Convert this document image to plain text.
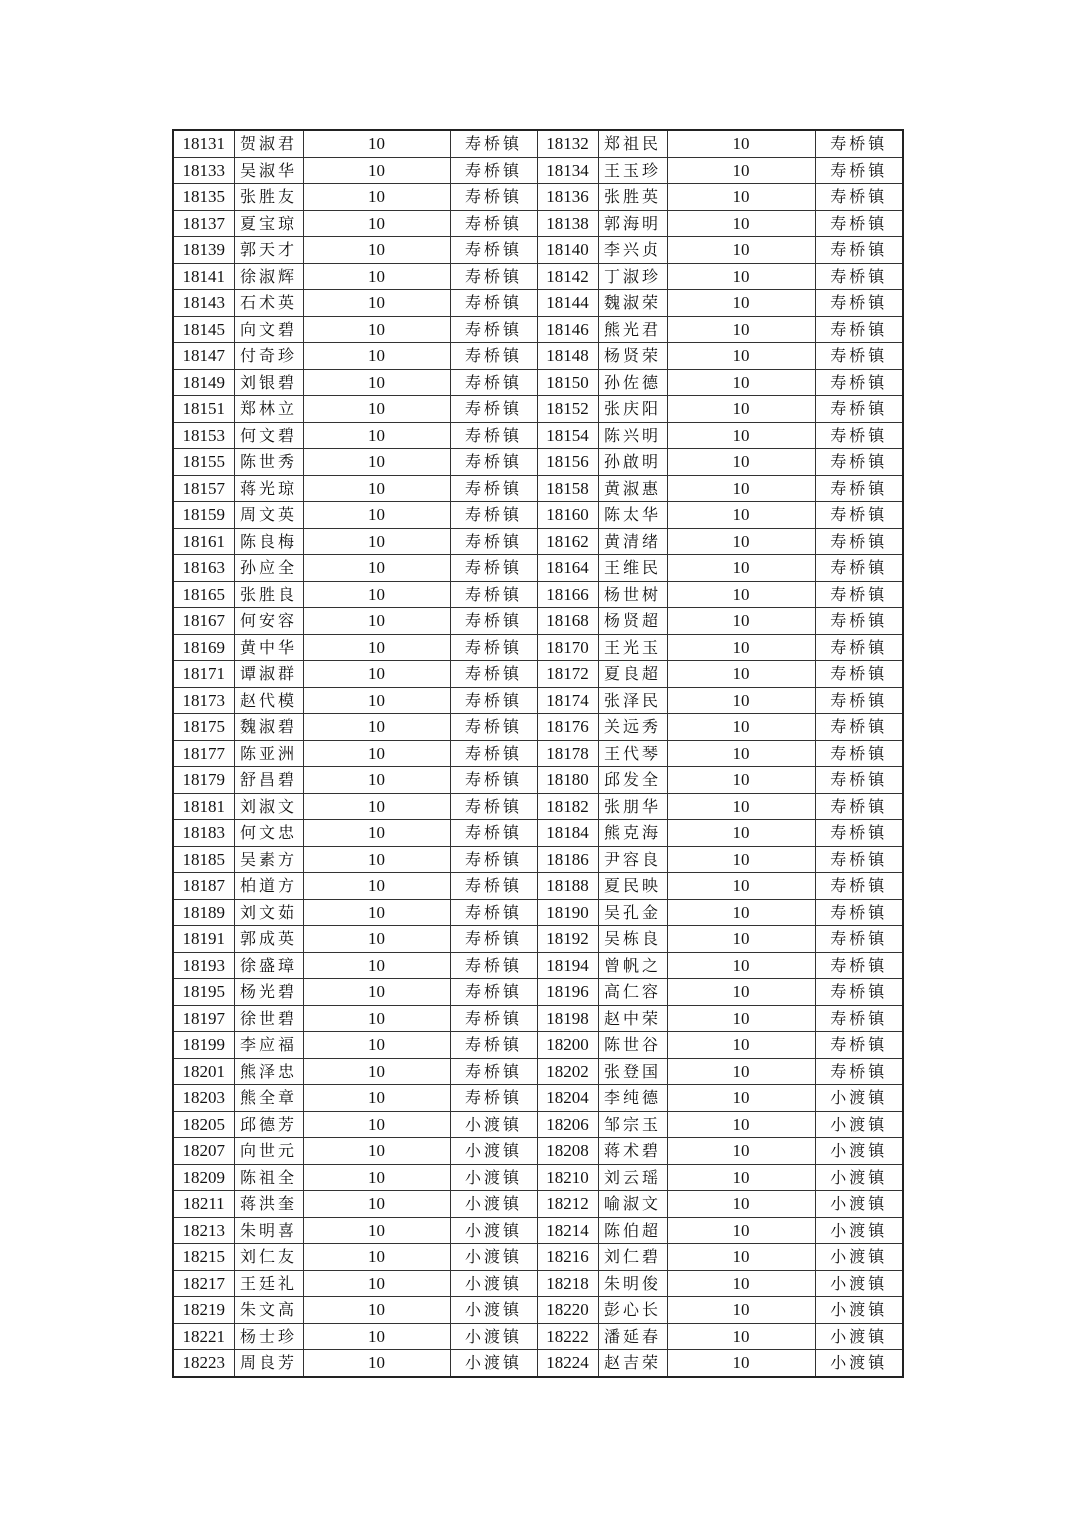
18131	贺淑君	10	寿桥镇	18132	郑祖民	10	寿桥镇
18133	吴淑华	10	寿桥镇	18134	王玉珍	10	寿桥镇
18135	张胜友	10	寿桥镇	18136	张胜英	10	寿桥镇
18137	夏宝琼	10	寿桥镇	18138	郭海明	10	寿桥镇
18139	郭天才	10	寿桥镇	18140	李兴贞	10	寿桥镇
18141	徐淑辉	10	寿桥镇	18142	丁淑珍	10	寿桥镇
18143	石术英	10	寿桥镇	18144	魏淑荣	10	寿桥镇
18145	向文碧	10	寿桥镇	18146	熊光君	10	寿桥镇
18147	付奇珍	10	寿桥镇	18148	杨贤荣	10	寿桥镇
18149	刘银碧	10	寿桥镇	18150	孙佐德	10	寿桥镇
18151	郑林立	10	寿桥镇	18152	张庆阳	10	寿桥镇
18153	何文碧	10	寿桥镇	18154	陈兴明	10	寿桥镇
18155	陈世秀	10	寿桥镇	18156	孙啟明	10	寿桥镇
18157	蒋光琼	10	寿桥镇	18158	黄淑惠	10	寿桥镇
18159	周文英	10	寿桥镇	18160	陈太华	10	寿桥镇
18161	陈良梅	10	寿桥镇	18162	黄清绪	10	寿桥镇
18163	孙应全	10	寿桥镇	18164	王维民	10	寿桥镇
18165	张胜良	10	寿桥镇	18166	杨世树	10	寿桥镇
18167	何安容	10	寿桥镇	18168	杨贤超	10	寿桥镇
18169	黄中华	10	寿桥镇	18170	王光玉	10	寿桥镇
18171	谭淑群	10	寿桥镇	18172	夏良超	10	寿桥镇
18173	赵代模	10	寿桥镇	18174	张泽民	10	寿桥镇
18175	魏淑碧	10	寿桥镇	18176	关远秀	10	寿桥镇
18177	陈亚洲	10	寿桥镇	18178	王代琴	10	寿桥镇
18179	舒昌碧	10	寿桥镇	18180	邱发全	10	寿桥镇
18181	刘淑文	10	寿桥镇	18182	张朋华	10	寿桥镇
18183	何文忠	10	寿桥镇	18184	熊克海	10	寿桥镇
18185	吴素方	10	寿桥镇	18186	尹容良	10	寿桥镇
18187	柏道方	10	寿桥镇	18188	夏民映	10	寿桥镇
18189	刘文茹	10	寿桥镇	18190	吴孔金	10	寿桥镇
18191	郭成英	10	寿桥镇	18192	吴栋良	10	寿桥镇
18193	徐盛璋	10	寿桥镇	18194	曾帆之	10	寿桥镇
18195	杨光碧	10	寿桥镇	18196	高仁容	10	寿桥镇
18197	徐世碧	10	寿桥镇	18198	赵中荣	10	寿桥镇
18199	李应福	10	寿桥镇	18200	陈世谷	10	寿桥镇
18201	熊泽忠	10	寿桥镇	18202	张登国	10	寿桥镇
18203	熊全章	10	寿桥镇	18204	李纯德	10	小渡镇
18205	邱德芳	10	小渡镇	18206	邹宗玉	10	小渡镇
18207	向世元	10	小渡镇	18208	蒋术碧	10	小渡镇
18209	陈祖全	10	小渡镇	18210	刘云瑶	10	小渡镇
18211	蒋洪奎	10	小渡镇	18212	喻淑文	10	小渡镇
18213	朱明喜	10	小渡镇	18214	陈伯超	10	小渡镇
18215	刘仁友	10	小渡镇	18216	刘仁碧	10	小渡镇
18217	王廷礼	10	小渡镇	18218	朱明俊	10	小渡镇
18219	朱文高	10	小渡镇	18220	彭心长	10	小渡镇
18221	杨士珍	10	小渡镇	18222	潘延春	10	小渡镇
18223	周良芳	10	小渡镇	18224	赵吉荣	10	小渡镇
